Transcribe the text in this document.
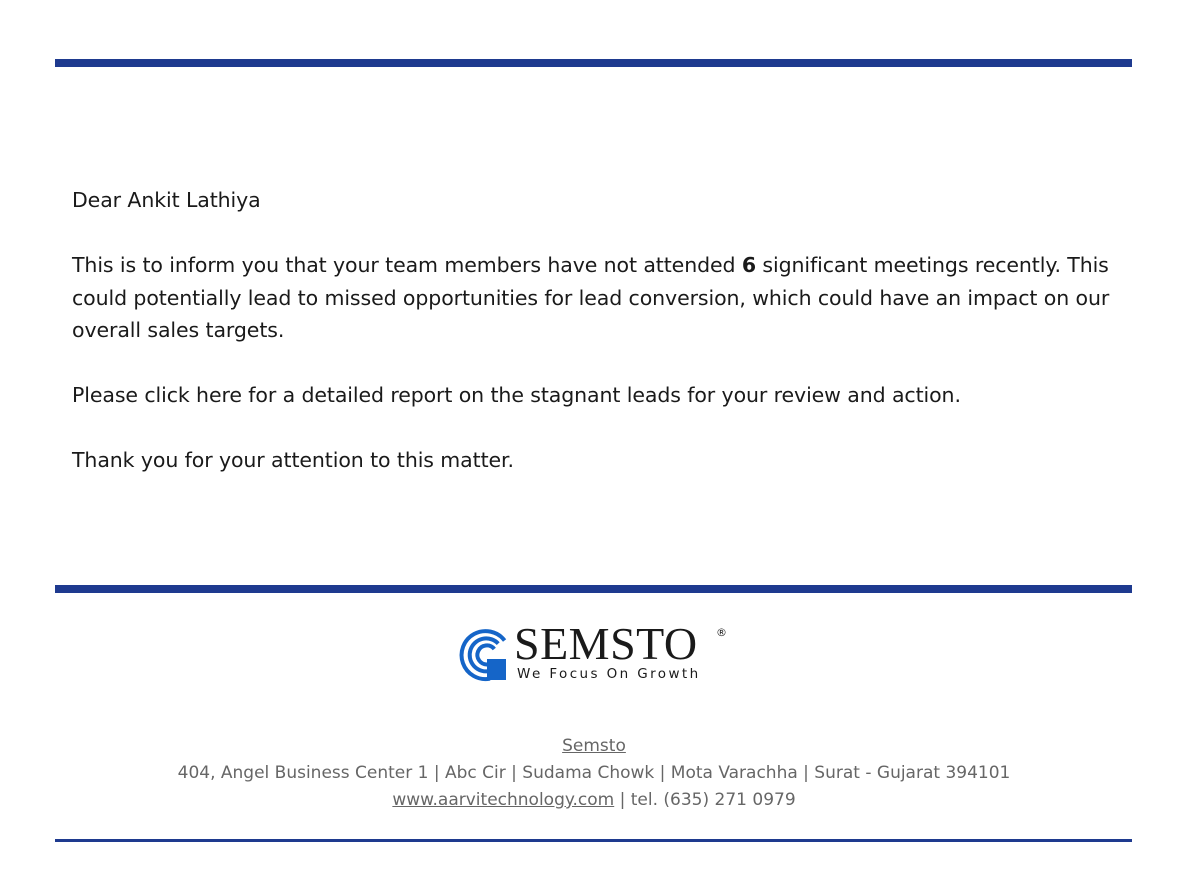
Dear Ankit Lathiya

This is to inform you that your team members have not attended 6 significant meetings recently. This could potentially lead to missed opportunities for lead conversion, which could have an impact on our overall sales targets.

Please click here for a detailed report on the stagnant leads for your review and action.

Thank you for your attention to this matter.

SEMSTO ®
We Focus On Growth
Semsto
404, Angel Business Center 1 | Abc Cir | Sudama Chowk | Mota Varachha | Surat - Gujarat 394101
www.aarvitechnology.com | tel. (635) 271 0979
